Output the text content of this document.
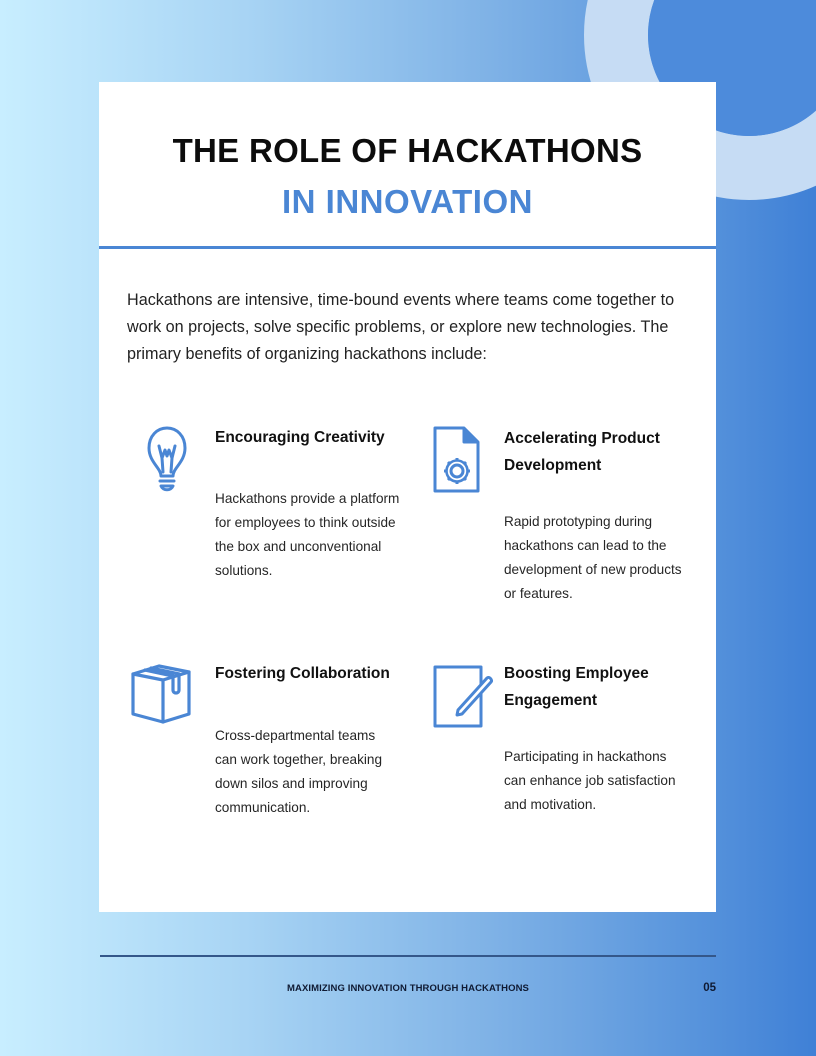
THE ROLE OF HACKATHONS
IN INNOVATION

Hackathons are intensive, time-bound events where teams come together to work on projects, solve specific problems, or explore new technologies. The primary benefits of organizing hackathons include:

Encouraging Creativity
Hackathons provide a platform for employees to think outside the box and unconventional solutions.
Accelerating Product Development
Rapid prototyping during hackathons can lead to the development of new products or features.
Fostering Collaboration
Cross-departmental teams can work together, breaking down silos and improving communication.
Boosting Employee Engagement
Participating in hackathons can enhance job satisfaction and motivation.
MAXIMIZING INNOVATION THROUGH HACKATHONS	05
